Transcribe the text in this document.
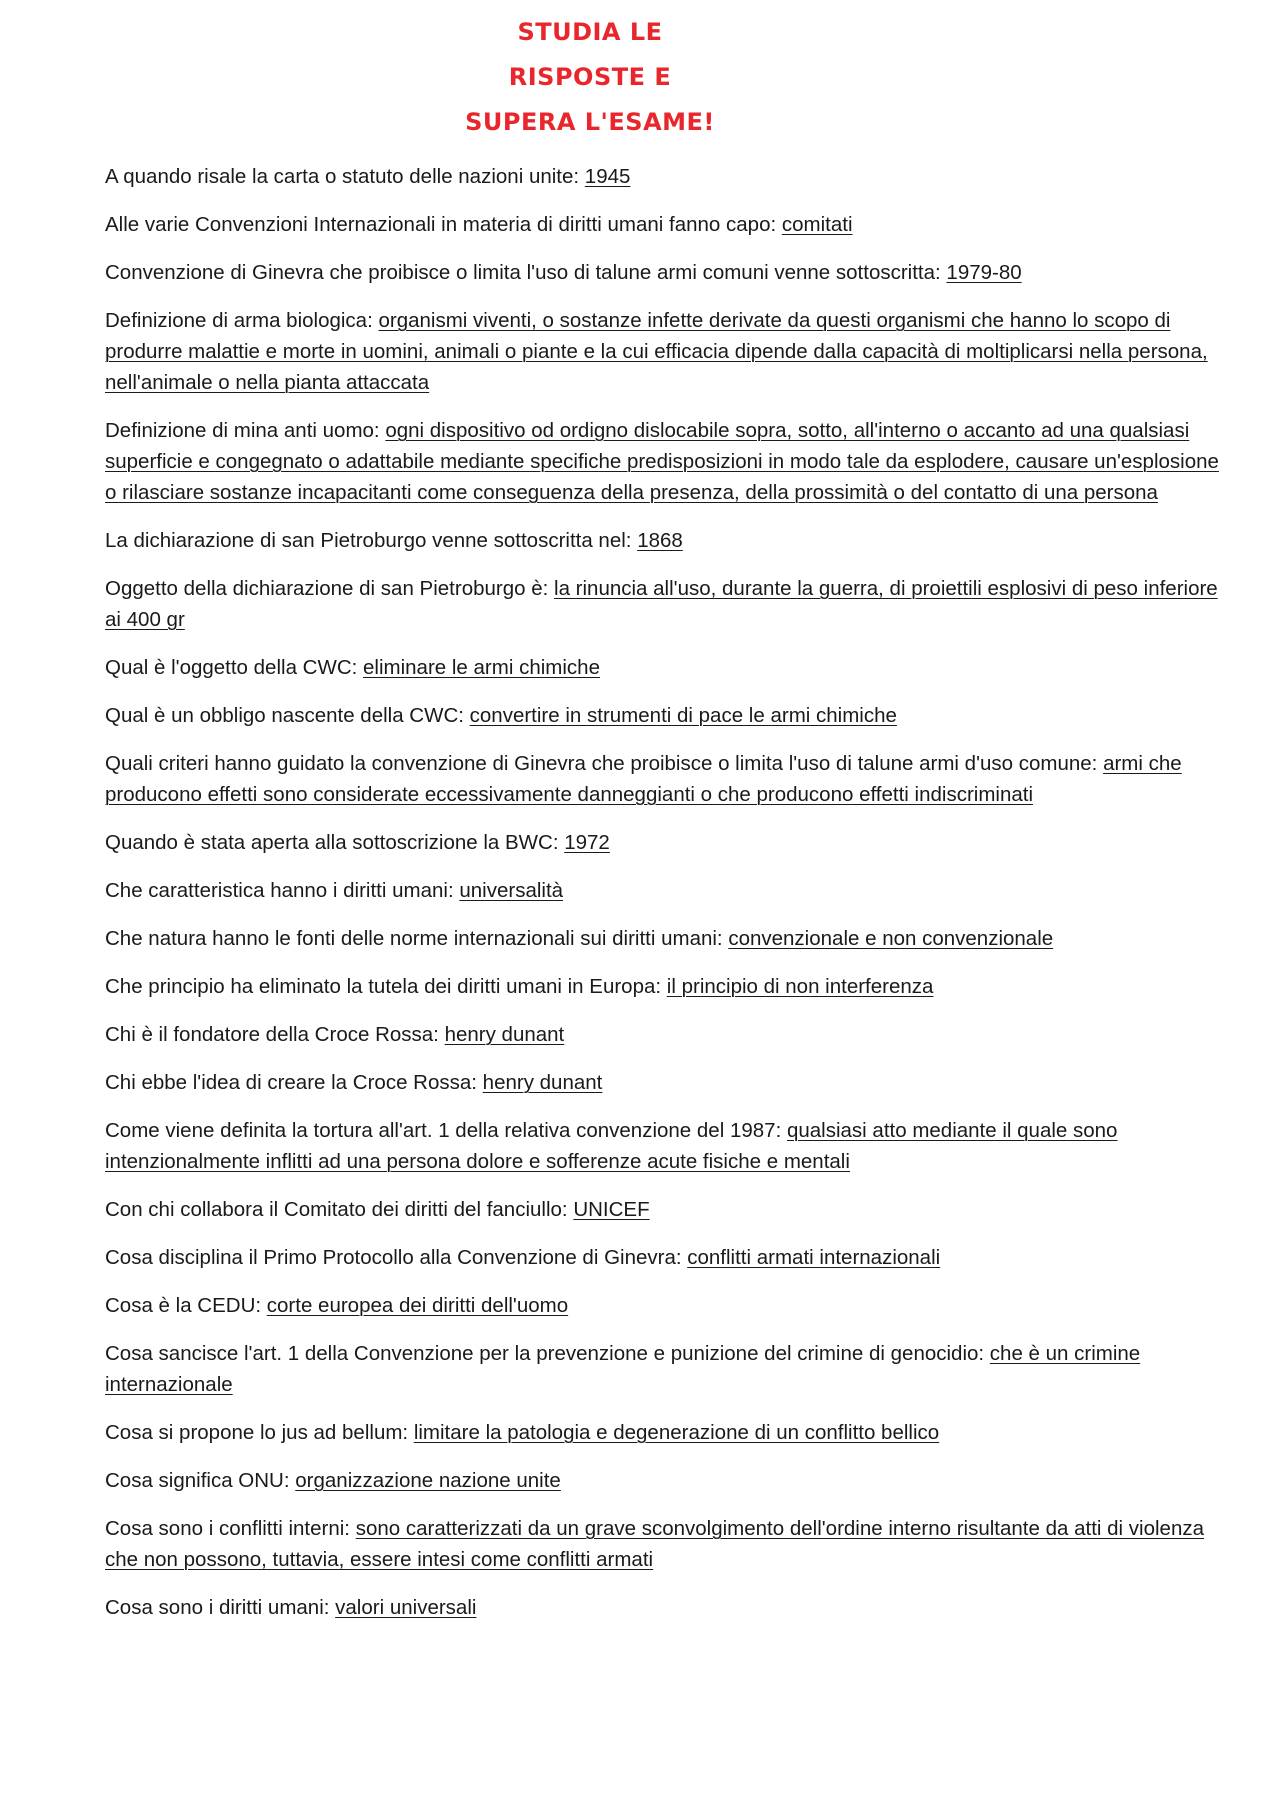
STUDIA LE
RISPOSTE E
SUPERA L'ESAME!

A quando risale la carta o statuto delle nazioni unite: 1945

Alle varie Convenzioni Internazionali in materia di diritti umani fanno capo: comitati

Convenzione di Ginevra che proibisce o limita l'uso di talune armi comuni venne sottoscritta: 1979-80

Definizione di arma biologica: organismi viventi, o sostanze infette derivate da questi organismi che hanno lo scopo di produrre malattie e morte in uomini, animali o piante e la cui efficacia dipende dalla capacità di moltiplicarsi nella persona, nell'animale o nella pianta attaccata

Definizione di mina anti uomo: ogni dispositivo od ordigno dislocabile sopra, sotto, all'interno o accanto ad una qualsiasi superficie e congegnato o adattabile mediante specifiche predisposizioni in modo tale da esplodere, causare un'esplosione o rilasciare sostanze incapacitanti come conseguenza della presenza, della prossimità o del contatto di una persona

La dichiarazione di san Pietroburgo venne sottoscritta nel: 1868

Oggetto della dichiarazione di san Pietroburgo è: la rinuncia all'uso, durante la guerra, di proiettili esplosivi di peso inferiore ai 400 gr

Qual è l'oggetto della CWC: eliminare le armi chimiche

Qual è un obbligo nascente della CWC: convertire in strumenti di pace le armi chimiche

Quali criteri hanno guidato la convenzione di Ginevra che proibisce o limita l'uso di talune armi d'uso comune: armi che producono effetti sono considerate eccessivamente danneggianti o che producono effetti indiscriminati

Quando è stata aperta alla sottoscrizione la BWC: 1972

Che caratteristica hanno i diritti umani: universalità

Che natura hanno le fonti delle norme internazionali sui diritti umani: convenzionale e non convenzionale

Che principio ha eliminato la tutela dei diritti umani in Europa: il principio di non interferenza

Chi è il fondatore della Croce Rossa: henry dunant

Chi ebbe l'idea di creare la Croce Rossa: henry dunant

Come viene definita la tortura all'art. 1 della relativa convenzione del 1987: qualsiasi atto mediante il quale sono intenzionalmente inflitti ad una persona dolore e sofferenze acute fisiche e mentali

Con chi collabora il Comitato dei diritti del fanciullo: UNICEF

Cosa disciplina il Primo Protocollo alla Convenzione di Ginevra: conflitti armati internazionali

Cosa è la CEDU: corte europea dei diritti dell'uomo

Cosa sancisce l'art. 1 della Convenzione per la prevenzione e punizione del crimine di genocidio: che è un crimine internazionale

Cosa si propone lo jus ad bellum: limitare la patologia e degenerazione di un conflitto bellico

Cosa significa ONU: organizzazione nazione unite

Cosa sono i conflitti interni: sono caratterizzati da un grave sconvolgimento dell'ordine interno risultante da atti di violenza che non possono, tuttavia, essere intesi come conflitti armati

Cosa sono i diritti umani: valori universali
